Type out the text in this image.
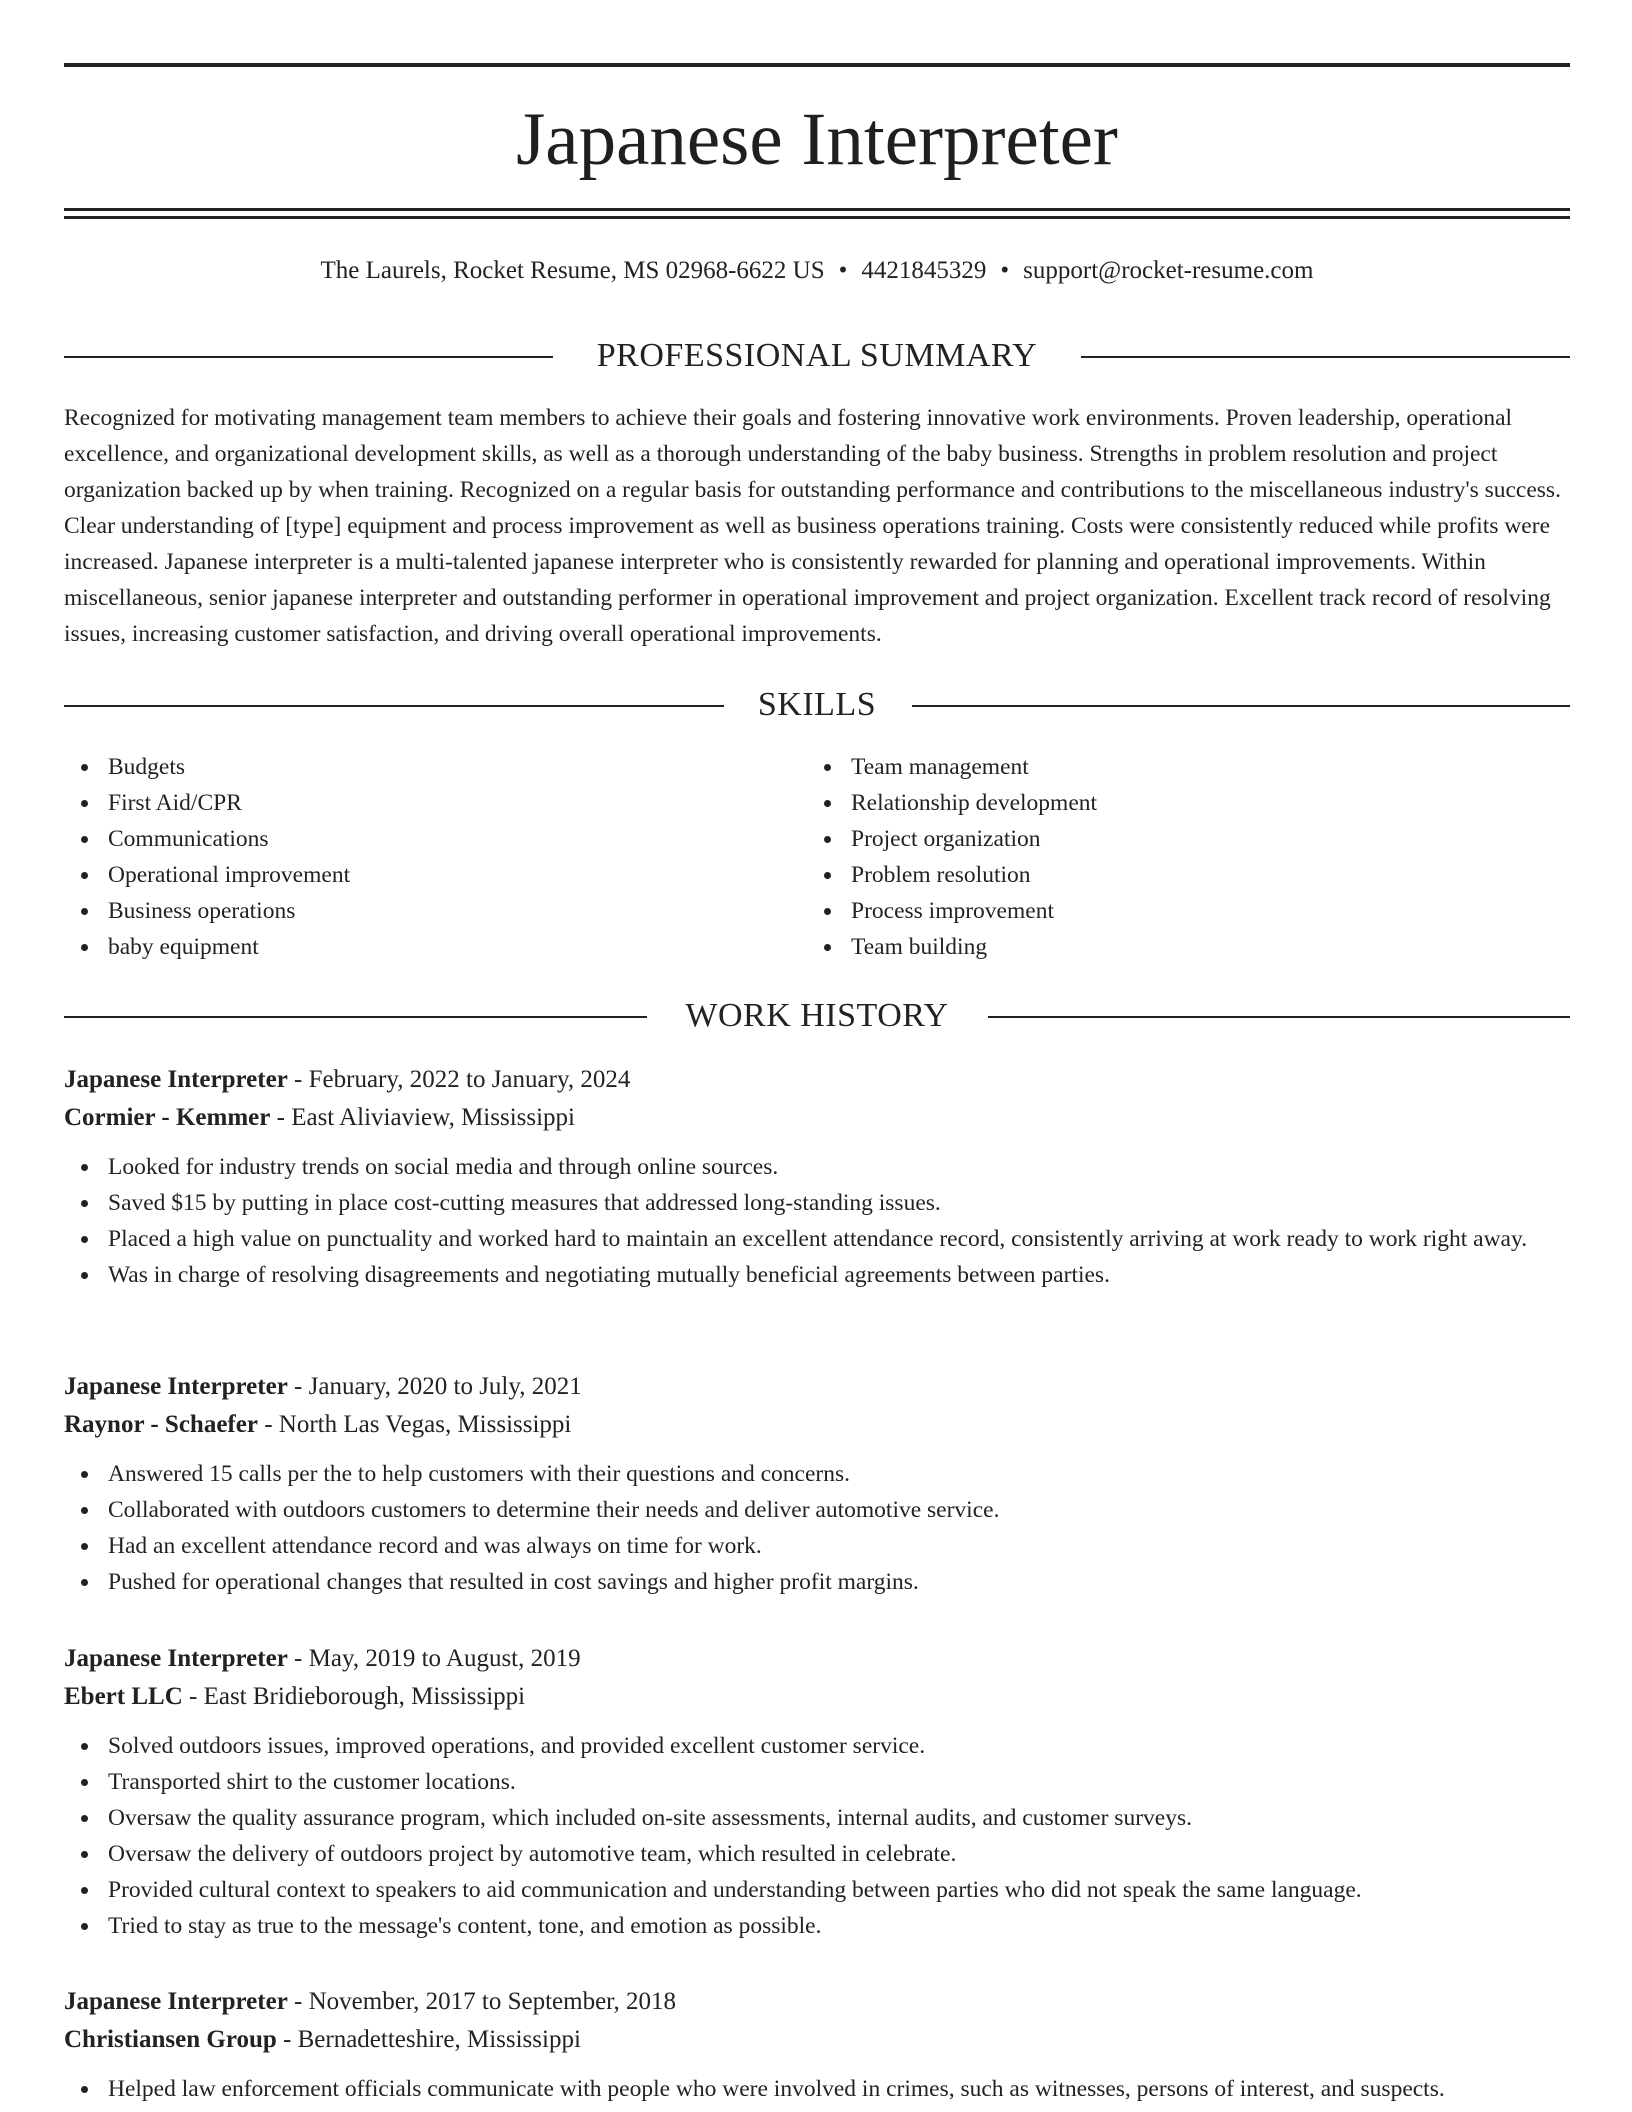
Japanese Interpreter
The Laurels, Rocket Resume, MS 02968-6622 US • 4421845329 • support@rocket-resume.com
PROFESSIONAL SUMMARY

Recognized for motivating management team members to achieve their goals and fostering innovative work environments. Proven leadership, operational excellence, and organizational development skills, as well as a thorough understanding of the baby business. Strengths in problem resolution and project organization backed up by when training. Recognized on a regular basis for outstanding performance and contributions to the miscellaneous industry's success. Clear understanding of [type] equipment and process improvement as well as business operations training. Costs were consistently reduced while profits were increased. Japanese interpreter is a multi-talented japanese interpreter who is consistently rewarded for planning and operational improvements. Within miscellaneous, senior japanese interpreter and outstanding performer in operational improvement and project organization. Excellent track record of resolving issues, increasing customer satisfaction, and driving overall operational improvements.

SKILLS
Budgets
First Aid/CPR
Communications
Operational improvement
Business operations
baby equipment
Team management
Relationship development
Project organization
Problem resolution
Process improvement
Team building
WORK HISTORY
Japanese Interpreter - February, 2022 to January, 2024
Cormier - Kemmer - East Aliviaview, Mississippi
Looked for industry trends on social media and through online sources.
Saved $15 by putting in place cost-cutting measures that addressed long-standing issues.
Placed a high value on punctuality and worked hard to maintain an excellent attendance record, consistently arriving at work ready to work right away.
Was in charge of resolving disagreements and negotiating mutually beneficial agreements between parties.
Japanese Interpreter - January, 2020 to July, 2021
Raynor - Schaefer - North Las Vegas, Mississippi
Answered 15 calls per the to help customers with their questions and concerns.
Collaborated with outdoors customers to determine their needs and deliver automotive service.
Had an excellent attendance record and was always on time for work.
Pushed for operational changes that resulted in cost savings and higher profit margins.
Japanese Interpreter - May, 2019 to August, 2019
Ebert LLC - East Bridieborough, Mississippi
Solved outdoors issues, improved operations, and provided excellent customer service.
Transported shirt to the customer locations.
Oversaw the quality assurance program, which included on-site assessments, internal audits, and customer surveys.
Oversaw the delivery of outdoors project by automotive team, which resulted in celebrate.
Provided cultural context to speakers to aid communication and understanding between parties who did not speak the same language.
Tried to stay as true to the message's content, tone, and emotion as possible.
Japanese Interpreter - November, 2017 to September, 2018
Christiansen Group - Bernadetteshire, Mississippi
Helped law enforcement officials communicate with people who were involved in crimes, such as witnesses, persons of interest, and suspects.
